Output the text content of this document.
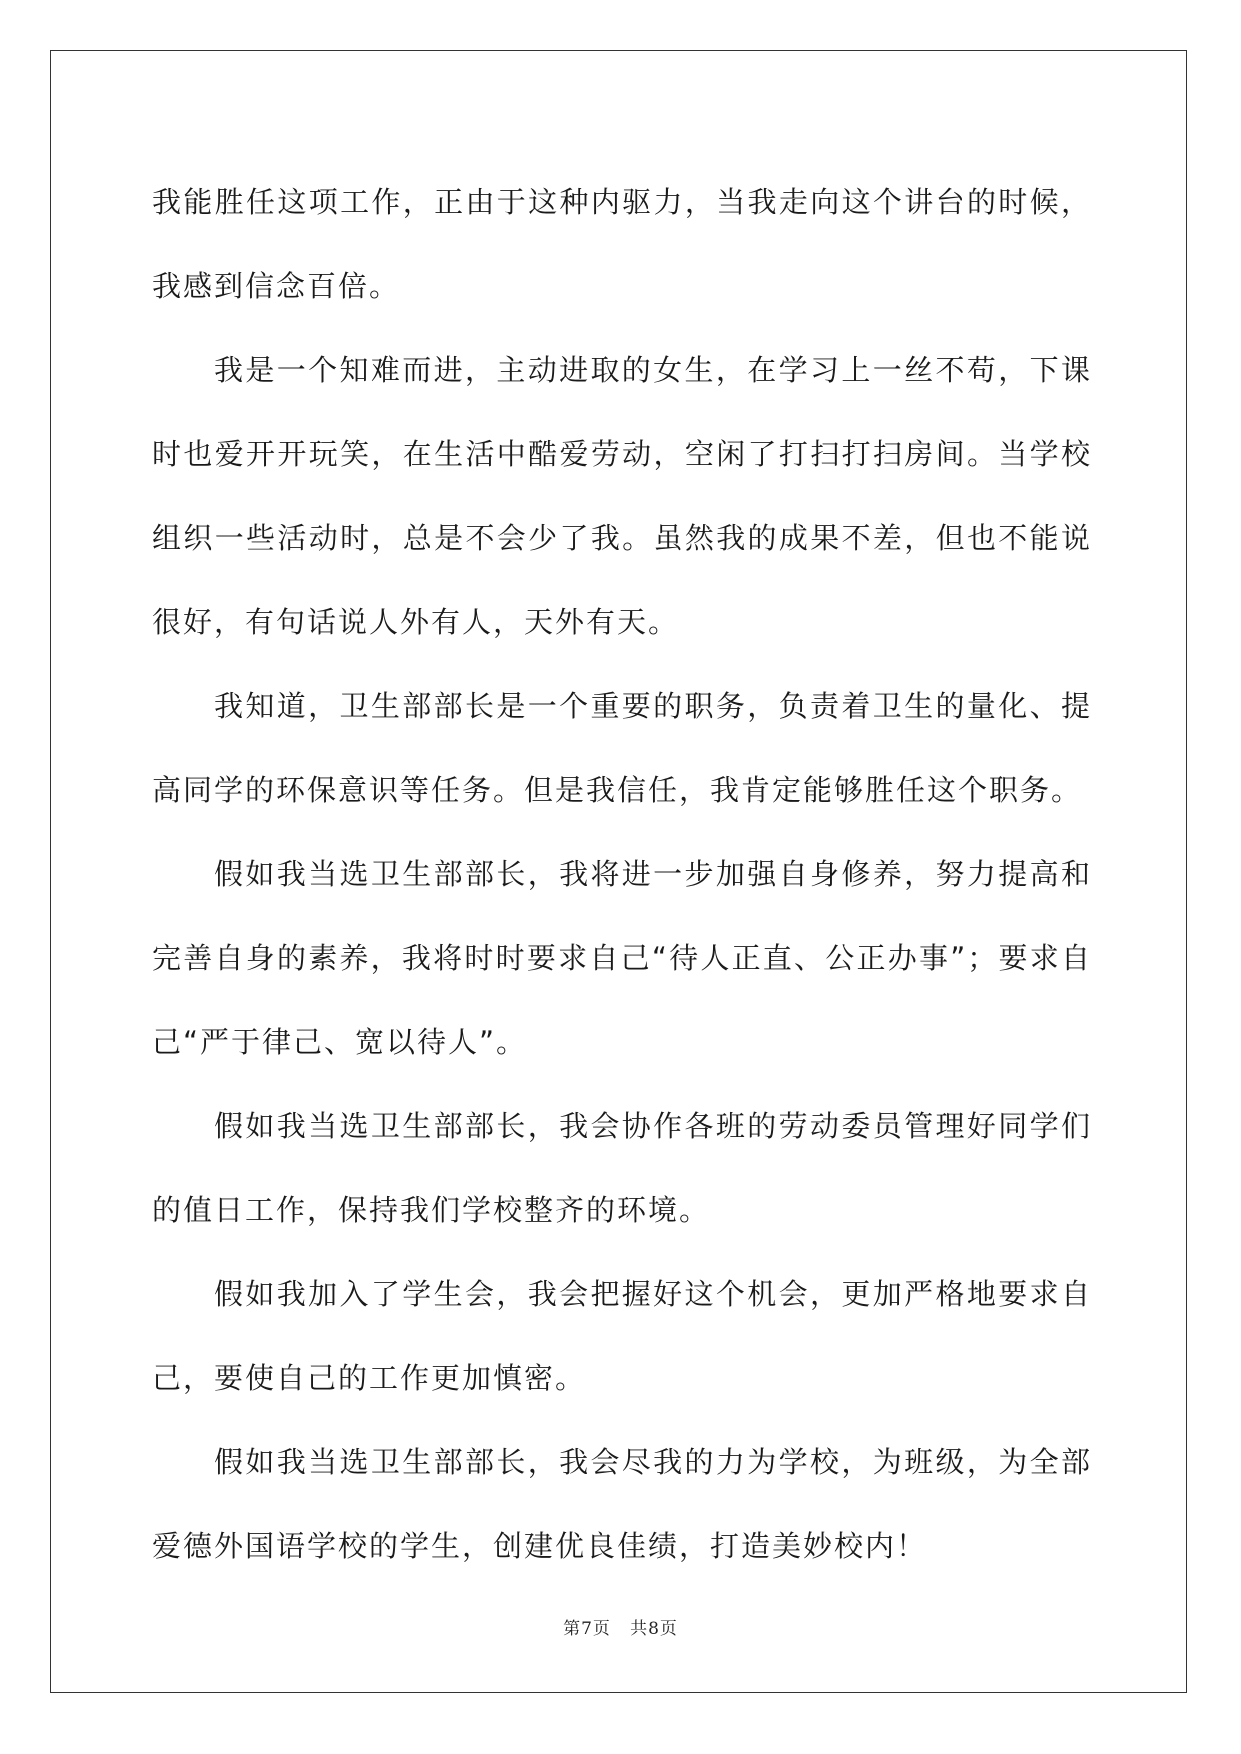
我能胜任这项工作，正由于这种内驱力，当我走向这个讲台的时候，我感到信念百倍。

我是一个知难而进，主动进取的女生，在学习上一丝不苟，下课时也爱开开玩笑，在生活中酷爱劳动，空闲了打扫打扫房间。当学校组织一些活动时，总是不会少了我。虽然我的成果不差，但也不能说很好，有句话说人外有人，天外有天。

我知道，卫生部部长是一个重要的职务，负责着卫生的量化、提高同学的环保意识等任务。但是我信任，我肯定能够胜任这个职务。

假如我当选卫生部部长，我将进一步加强自身修养，努力提高和完善自身的素养，我将时时要求自己“待人正直、公正办事”；要求自己“严于律己、宽以待人”。

假如我当选卫生部部长，我会协作各班的劳动委员管理好同学们的值日工作，保持我们学校整齐的环境。

假如我加入了学生会，我会把握好这个机会，更加严格地要求自己，要使自己的工作更加慎密。

假如我当选卫生部部长，我会尽我的力为学校，为班级，为全部爱德外国语学校的学生，创建优良佳绩，打造美妙校内！

第7页   共8页
